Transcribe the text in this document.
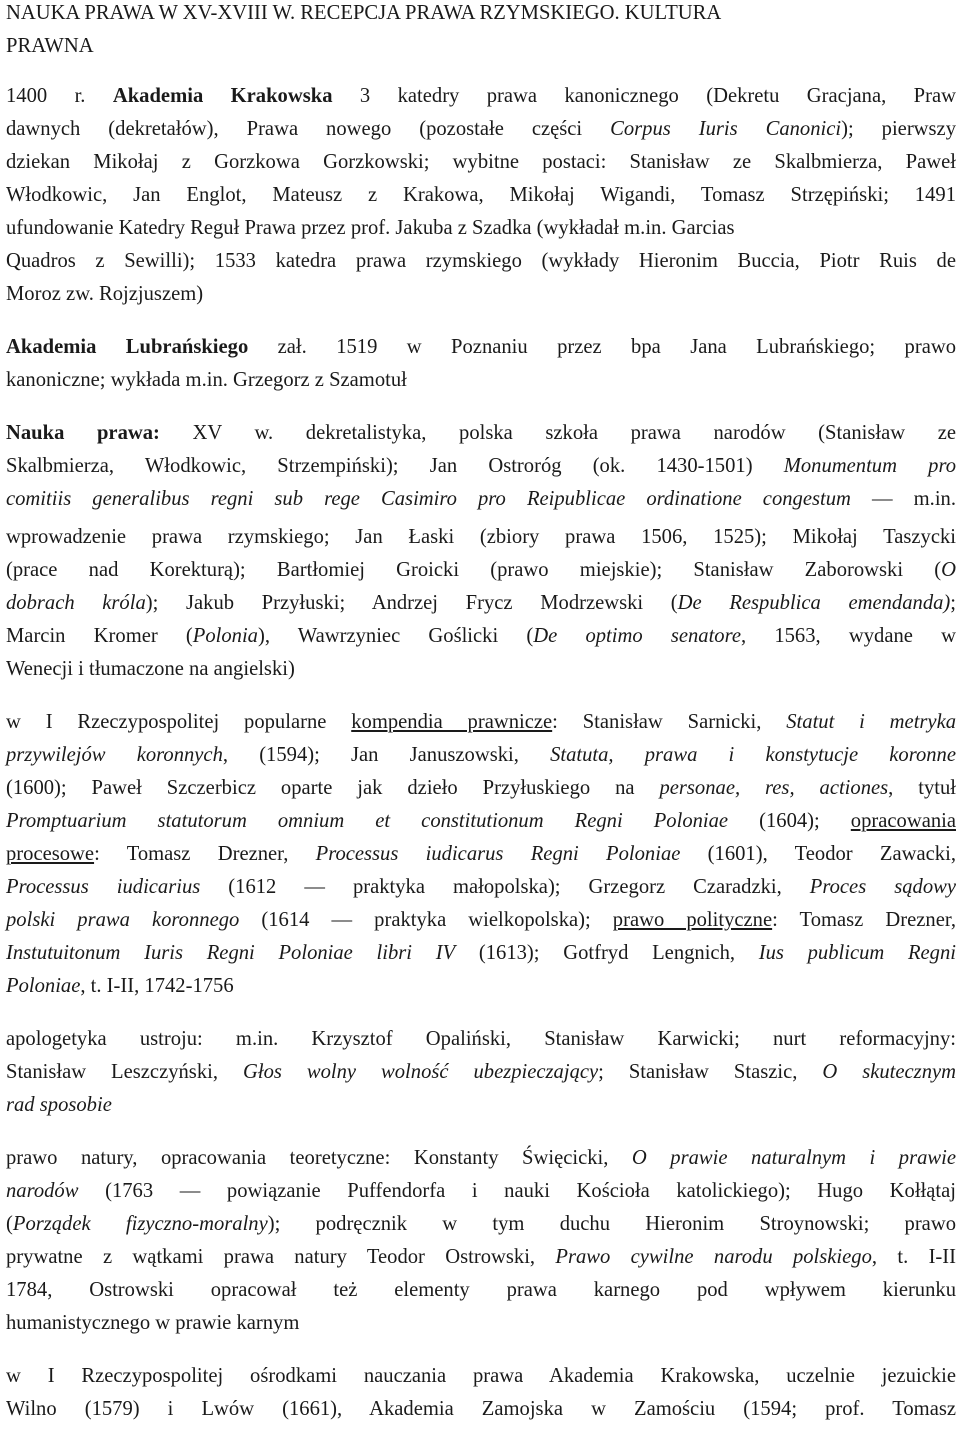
NAUKA PRAWA W XV-XVIII W. RECEPCJA PRAWA RZYMSKIEGO. KULTURA
PRAWNA
1400 r. Akademia Krakowska 3 katedry prawa kanonicznego (Dekretu Gracjana, Praw
dawnych (dekretałów), Prawa nowego (pozostałe części Corpus Iuris Canonici); pierwszy
dziekan Mikołaj z Gorzkowa Gorzkowski; wybitne postaci: Stanisław ze Skalbmierza, Paweł
Włodkowic, Jan Englot, Mateusz z Krakowa, Mikołaj Wigandi, Tomasz Strzępiński; 1491
ufundowanie Katedry Reguł Prawa przez prof. Jakuba z Szadka (wykładał m.in. Garcias
Quadros z Sewilli); 1533 katedra prawa rzymskiego (wykłady Hieronim Buccia, Piotr Ruis de
Moroz zw. Rojzjuszem)
Akademia Lubrańskiego zał. 1519 w Poznaniu przez bpa Jana Lubrańskiego; prawo
kanoniczne; wykłada m.in. Grzegorz z Szamotuł
Nauka prawa: XV w. dekretalistyka, polska szkoła prawa narodów (Stanisław ze
Skalbmierza, Włodkowic, Strzempiński); Jan Ostroróg (ok. 1430-1501) Monumentum pro
comitiis generalibus regni sub rege Casimiro pro Reipublicae ordinatione congestum — m.in.
wprowadzenie prawa rzymskiego; Jan Łaski (zbiory prawa 1506, 1525); Mikołaj Taszycki
(prace nad Korekturą); Bartłomiej Groicki (prawo miejskie); Stanisław Zaborowski (O
dobrach króla); Jakub Przyłuski; Andrzej Frycz Modrzewski (De Respublica emendanda);
Marcin Kromer (Polonia), Wawrzyniec Goślicki (De optimo senatore, 1563, wydane w
Wenecji i tłumaczone na angielski)
w I Rzeczypospolitej popularne kompendia prawnicze: Stanisław Sarnicki, Statut i metryka
przywilejów koronnych, (1594); Jan Januszowski, Statuta, prawa i konstytucje koronne
(1600); Paweł Szczerbicz oparte jak dzieło Przyłuskiego na personae, res, actiones, tytuł
Promptuarium statutorum omnium et constitutionum Regni Poloniae (1604); opracowania
procesowe: Tomasz Drezner, Processus iudicarus Regni Poloniae (1601), Teodor Zawacki,
Processus iudicarius (1612 — praktyka małopolska); Grzegorz Czaradzki, Proces sądowy
polski prawa koronnego (1614 — praktyka wielkopolska); prawo polityczne: Tomasz Drezner,
Instutuitonum Iuris Regni Poloniae libri IV (1613); Gotfryd Lengnich, Ius publicum Regni
Poloniae, t. I-II, 1742-1756
apologetyka ustroju: m.in. Krzysztof Opaliński, Stanisław Karwicki; nurt reformacyjny:
Stanisław Leszczyński, Głos wolny wolność ubezpieczający; Stanisław Staszic, O skutecznym
rad sposobie
prawo natury, opracowania teoretyczne: Konstanty Święcicki, O prawie naturalnym i prawie
narodów (1763 — powiązanie Puffendorfa i nauki Kościoła katolickiego); Hugo Kołłątaj
(Porządek fizyczno-moralny); podręcznik w tym duchu Hieronim Stroynowski; prawo
prywatne z wątkami prawa natury Teodor Ostrowski, Prawo cywilne narodu polskiego, t. I-II
1784, Ostrowski opracował też elementy prawa karnego pod wpływem kierunku
humanistycznego w prawie karnym
w I Rzeczypospolitej ośrodkami nauczania prawa Akademia Krakowska, uczelnie jezuickie
Wilno (1579) i Lwów (1661), Akademia Zamojska w Zamościu (1594; prof. Tomasz
